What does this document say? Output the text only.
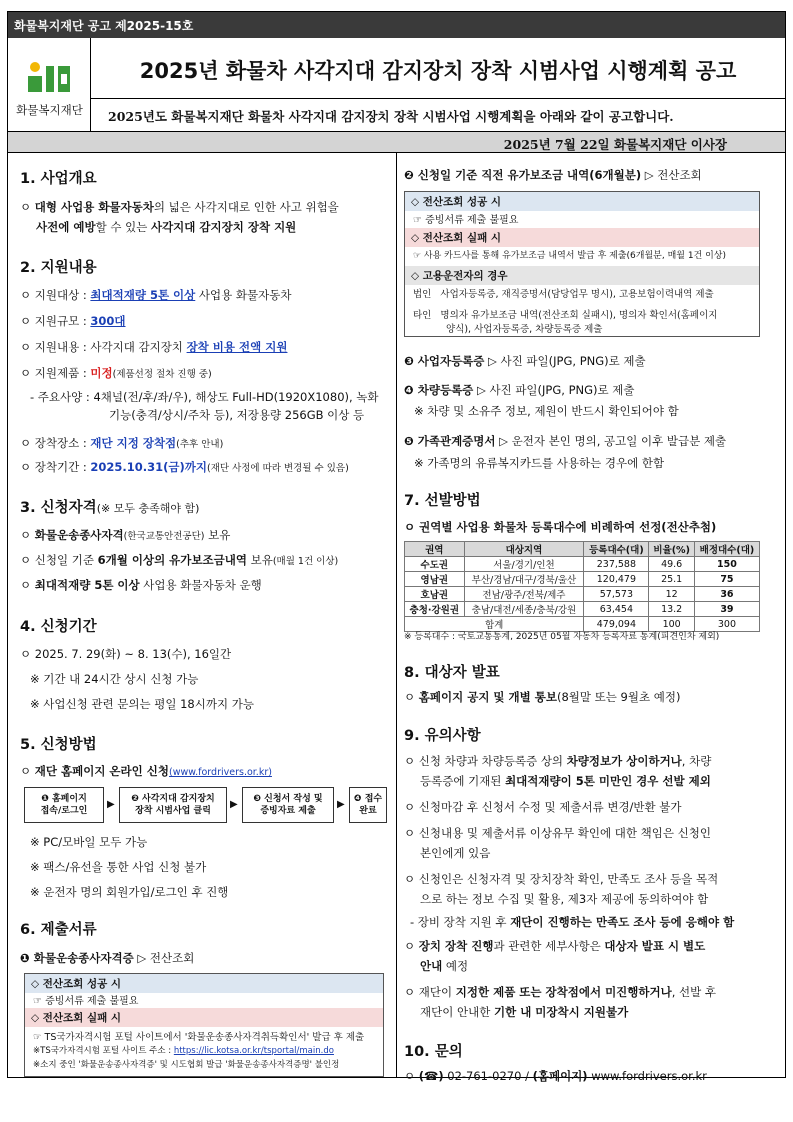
화물복지재단 공고 제2025-15호
화물복지재단
2025년 화물차 사각지대 감지장치 장착 시범사업 시행계획 공고
2025년도 화물복지재단 화물차 사각지대 감지장치 장착 시범사업 시행계획을 아래와 같이 공고합니다.
2025년 7월 22일 화물복지재단 이사장
1. 사업개요
ㅇ 대형 사업용 화물자동차의 넓은 사각지대로 인한 사고 위험을
사전에 예방할 수 있는 사각지대 감지장치 장착 지원
2. 지원내용
ㅇ 지원대상 : 최대적재량 5톤 이상 사업용 화물자동차
ㅇ 지원규모 : 300대
ㅇ 지원내용 : 사각지대 감지장치 장착 비용 전액 지원
ㅇ 지원제품 : 미정(제품선정 절차 진행 중)
- 주요사양 : 4채널(전/후/좌/우), 해상도 Full-HD(1920X1080), 녹화
기능(충격/상시/주차 등), 저장용량 256GB 이상 등
ㅇ 장착장소 : 재단 지정 장착점(추후 안내)
ㅇ 장착기간 : 2025.10.31(금)까지(재단 사정에 따라 변경될 수 있음)
3. 신청자격(※ 모두 충족해야 함)
ㅇ 화물운송종사자격(한국교통안전공단) 보유
ㅇ 신청일 기준 6개월 이상의 유가보조금내역 보유(매월 1건 이상)
ㅇ 최대적재량 5톤 이상 사업용 화물자동차 운행
4. 신청기간
ㅇ 2025. 7. 29(화) ~ 8. 13(수), 16일간
※ 기간 내 24시간 상시 신청 가능
※ 사업신청 관련 문의는 평일 18시까지 가능
5. 신청방법
ㅇ 재단 홈페이지 온라인 신청(www.fordrivers.or.kr)
❶ 홈페이지
접속/로그인
▶	❷ 사각지대 감지장치
장착 시범사업 클릭
▶	❸ 신청서 작성 및
증빙자료 제출
▶	❹ 접수
완료
※ PC/모바일 모두 가능
※ 팩스/유선을 통한 사업 신청 불가
※ 운전자 명의 회원가입/로그인 후 진행
6. 제출서류
❶ 화물운송종사자격증 ▷ 전산조회
◇ 전산조회 성공 시
☞ 증빙서류 제출 불필요
◇ 전산조회 실패 시
☞ TS국가자격시험 포털 사이트에서 '화물운송종사자격취득확인서' 발급 후 제출
※TS국가자격시험 포털 사이트 주소 : https://lic.kotsa.or.kr/tsportal/main.do
※소지 중인 '화물운송종사자격증' 및 시도협회 발급 '화물운송종사자격증명' 불인정
❷ 신청일 기준 직전 유가보조금 내역(6개월분) ▷ 전산조회
◇ 전산조회 성공 시
☞ 증빙서류 제출 불필요
◇ 전산조회 실패 시
☞ 사용 카드사를 통해 유가보조금 내역서 발급 후 제출(6개월분, 매월 1건 이상)
◇ 고용운전자의 경우
법인 사업자등록증, 재직증명서(담당업무 명시), 고용보험이력내역 제출
타인 명의자 유가보조금 내역(전산조회 실패시), 명의자 확인서(홈페이지
양식), 사업자등록증, 차량등록증 제출
❸ 사업자등록증 ▷ 사진 파일(JPG, PNG)로 제출
❹ 차량등록증 ▷ 사진 파일(JPG, PNG)로 제출
※ 차량 및 소유주 정보, 제원이 반드시 확인되어야 함
❺ 가족관계증명서 ▷ 운전자 본인 명의, 공고일 이후 발급분 제출
※ 가족명의 유류복지카드를 사용하는 경우에 한함
7. 선발방법
ㅇ 권역별 사업용 화물차 등록대수에 비례하여 선정(전산추첨)
권역	대상지역	등록대수(대)	비율(%)	배정대수(대)
수도권	서울/경기/인천	237,588	49.6	150
영남권	부산/경남/대구/경북/울산	120,479	25.1	75
호남권	전남/광주/전북/제주	57,573	12	36
충청·강원권	충남/대전/세종/충북/강원	63,454	13.2	39
합계		479,094	100	300
※ 등록대수 : 국토교통통계, 2025년 05월 자동차 등록자료 통계(피견인차 제외)
8. 대상자 발표
ㅇ 홈페이지 공지 및 개별 통보(8월말 또는 9월초 예정)
9. 유의사항
ㅇ 신청 차량과 차량등록증 상의 차량정보가 상이하거나, 차량
등록증에 기재된 최대적재량이 5톤 미만인 경우 선발 제외
ㅇ 신청마감 후 신청서 수정 및 제출서류 변경/반환 불가
ㅇ 신청내용 및 제출서류 이상유무 확인에 대한 책임은 신청인
본인에게 있음
ㅇ 신청인은 신청자격 및 장치장착 확인, 만족도 조사 등을 목적
으로 하는 정보 수집 및 활용, 제3자 제공에 동의하여야 함
- 장비 장착 지원 후 재단이 진행하는 만족도 조사 등에 응해야 함
ㅇ 장치 장착 진행과 관련한 세부사항은 대상자 발표 시 별도
안내 예정
ㅇ 재단이 지정한 제품 또는 장착점에서 미진행하거나, 선발 후
재단이 안내한 기한 내 미장착시 지원불가
10. 문의
ㅇ (☎) 02-761-0270 / (홈페이지) www.fordrivers.or.kr
